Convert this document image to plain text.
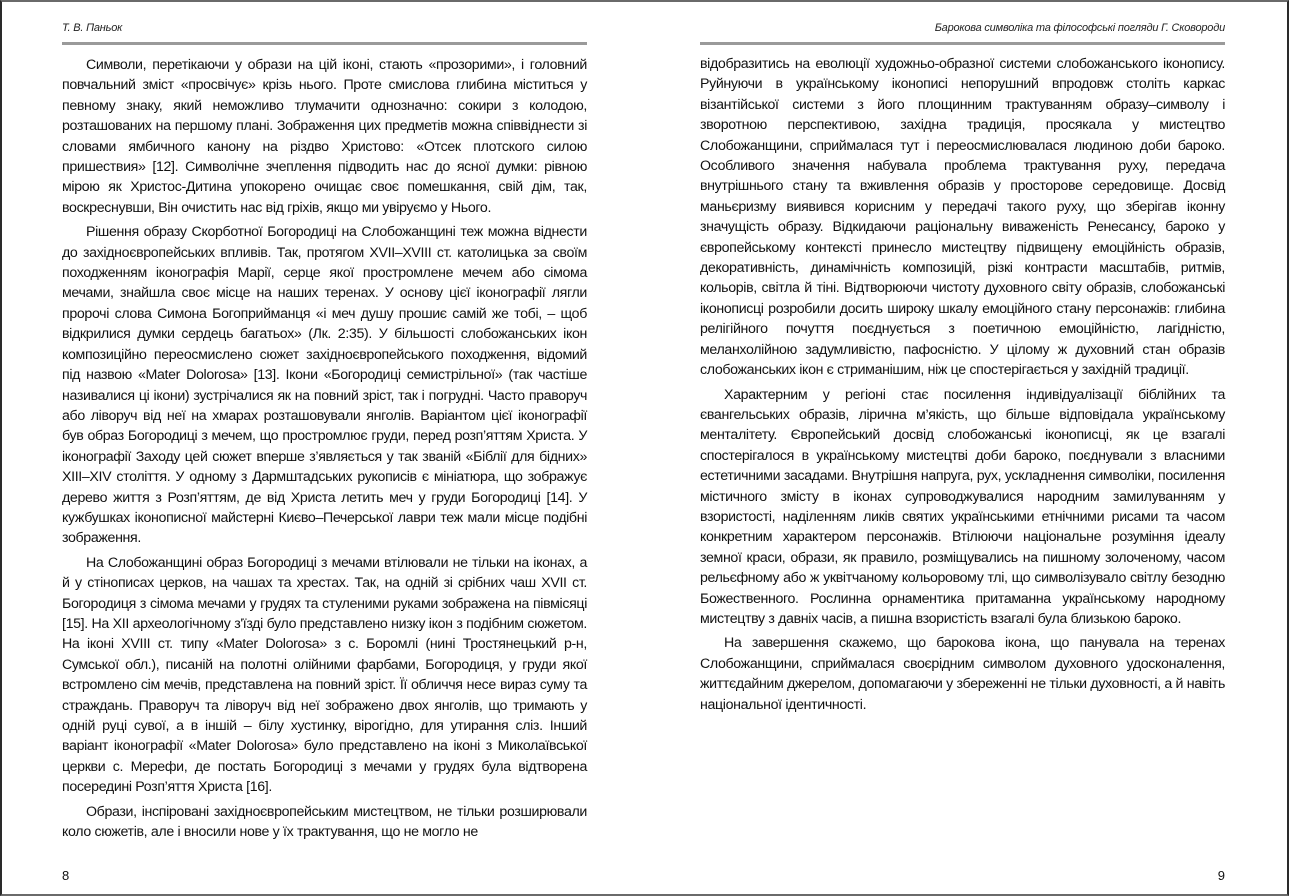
Т. В. Паньок

Символи, перетікаючи у образи на цій іконі, стають «прозорими», і головний повчальний зміст «просвічує» крізь нього. Проте смислова глибина міститься у певному знаку, який неможливо тлумачити однозначно: сокири з колодою, розташованих на першому плані. Зображення цих предметів можна співвіднести зі словами ямбичного канону на різдво Христово: «Отсек плотского силою пришествия» [12]. Символічне зчеплення підводить нас до ясної думки: рівною мірою як Христос-Дитина упокорено очищає своє помешкання, свій дім, так, воскреснувши, Він очистить нас від гріхів, якщо ми увіруємо у Нього.

Рішення образу Скорботної Богородиці на Слобожанщині теж можна віднести до західноєвропейських впливів. Так, протягом XVII–XVIII ст. католицька за своїм походженням іконографія Марії, серце якої простромлене мечем або сімома мечами, знайшла своє місце на наших теренах. У основу цієї іконографії лягли пророчі слова Симона Богоприйманця «і меч душу прошиє самій же тобі, – щоб відкрилися думки сердець багатьох» (Лк. 2:35). У більшості слобожанських ікон композиційно переосмислено сюжет західноєвропейського походження, відомий під назвою «Mater Dolorosa» [13]. Ікони «Богородиці семистрільної» (так частіше називалися ці ікони) зустрічалися як на повний зріст, так і погрудні. Часто праворуч або ліворуч від неї на хмарах розташовували янголів. Варіантом цієї іконографії був образ Богородиці з мечем, що простромлює груди, перед розп’яттям Христа. У іконографії Заходу цей сюжет вперше з’являється у так званій «Біблії для бідних» XIII–XIV століття. У одному з Дармштадських рукописів є мініатюра, що зображує дерево життя з Розп’яттям, де від Христа летить меч у груди Богородиці [14]. У кужбушках іконописної майстерні Києво–Печерської лаври теж мали місце подібні зображення.

На Слобожанщині образ Богородиці з мечами втілювали не тільки на іконах, а й у стінописах церков, на чашах та хрестах. Так, на одній зі срібних чаш XVII ст. Богородиця з сімома мечами у грудях та стуленими руками зображена на півмісяці [15]. На XII археологічному з'їзді було представлено низку ікон з подібним сюжетом. На іконі XVIII ст. типу «Mater Dolorosa» з с. Боромлі (нині Тростянецький р-н, Сумської обл.), писаній на полотні олійними фарбами, Богородиця, у груди якої встромлено сім мечів, представлена на повний зріст. Її обличчя несе вираз суму та страждань. Праворуч та ліворуч від неї зображено двох янголів, що тримають у одній руці сувої, а в іншій – білу хустинку, вірогідно, для утирання сліз. Інший варіант іконографії «Mater Dolorosa» було представлено на іконі з Миколаївської церкви с. Мерефи, де постать Богородиці з мечами у грудях була відтворена посередині Розп’яття Христа [16].

Образи, інспіровані західноєвропейським мистецтвом, не тільки розширювали коло сюжетів, але і вносили нове у їх трактування, що не могло не

8
Барокова символіка та філософські погляди Г. Сковороди

відобразитись на еволюції художньо-образної системи слобожанського іконопису. Руйнуючи в українському іконописі непорушний впродовж століть каркас візантійської системи з його площинним трактуванням образу–символу і зворотною перспективою, західна традиція, просякала у мистецтво Слобожанщини, сприймалася тут і переосмислювалася людиною доби бароко. Особливого значення набувала проблема трактування руху, передача внутрішнього стану та вживлення образів у просторове середовище. Досвід маньєризму виявився корисним у передачі такого руху, що зберігав іконну значущість образу. Відкидаючи раціональну виваженість Ренесансу, бароко у європейському контексті принесло мистецтву підвищену емоційність образів, декоративність, динамічність композицій, різкі контрасти масштабів, ритмів, кольорів, світла й тіні. Відтворюючи чистоту духовного світу образів, слобожанські іконописці розробили досить широку шкалу емоційного стану персонажів: глибина релігійного почуття поєднується з поетичною емоційністю, лагідністю, меланхолійною задумливістю, пафосністю. У цілому ж духовний стан образів слобожанських ікон є стриманішим, ніж це спостерігається у західній традиції.

Характерним у регіоні стає посилення індивідуалізації біблійних та євангельських образів, лірична м’якість, що більше відповідала українському менталітету. Європейський досвід слобожанські іконописці, як це взагалі спостерігалося в українському мистецтві доби бароко, поєднували з власними естетичними засадами. Внутрішня напруга, рух, ускладнення символіки, посилення містичного змісту в іконах супроводжувалися народним замилуванням у взористості, наділенням ликів святих українськими етнічними рисами та часом конкретним характером персонажів. Втілюючи національне розуміння ідеалу земної краси, образи, як правило, розміщувались на пишному золоченому, часом рельєфному або ж уквітчаному кольоровому тлі, що символізувало світлу безодню Божественного. Рослинна орнаментика притаманна українському народному мистецтву з давніх часів, а пишна взористість взагалі була близькою бароко.

На завершення скажемо, що барокова ікона, що панувала на теренах Слобожанщини, сприймалася своєрідним символом духовного удосконалення, життєдайним джерелом, допомагаючи у збереженні не тільки духовності, а й навіть національної ідентичності.

9
